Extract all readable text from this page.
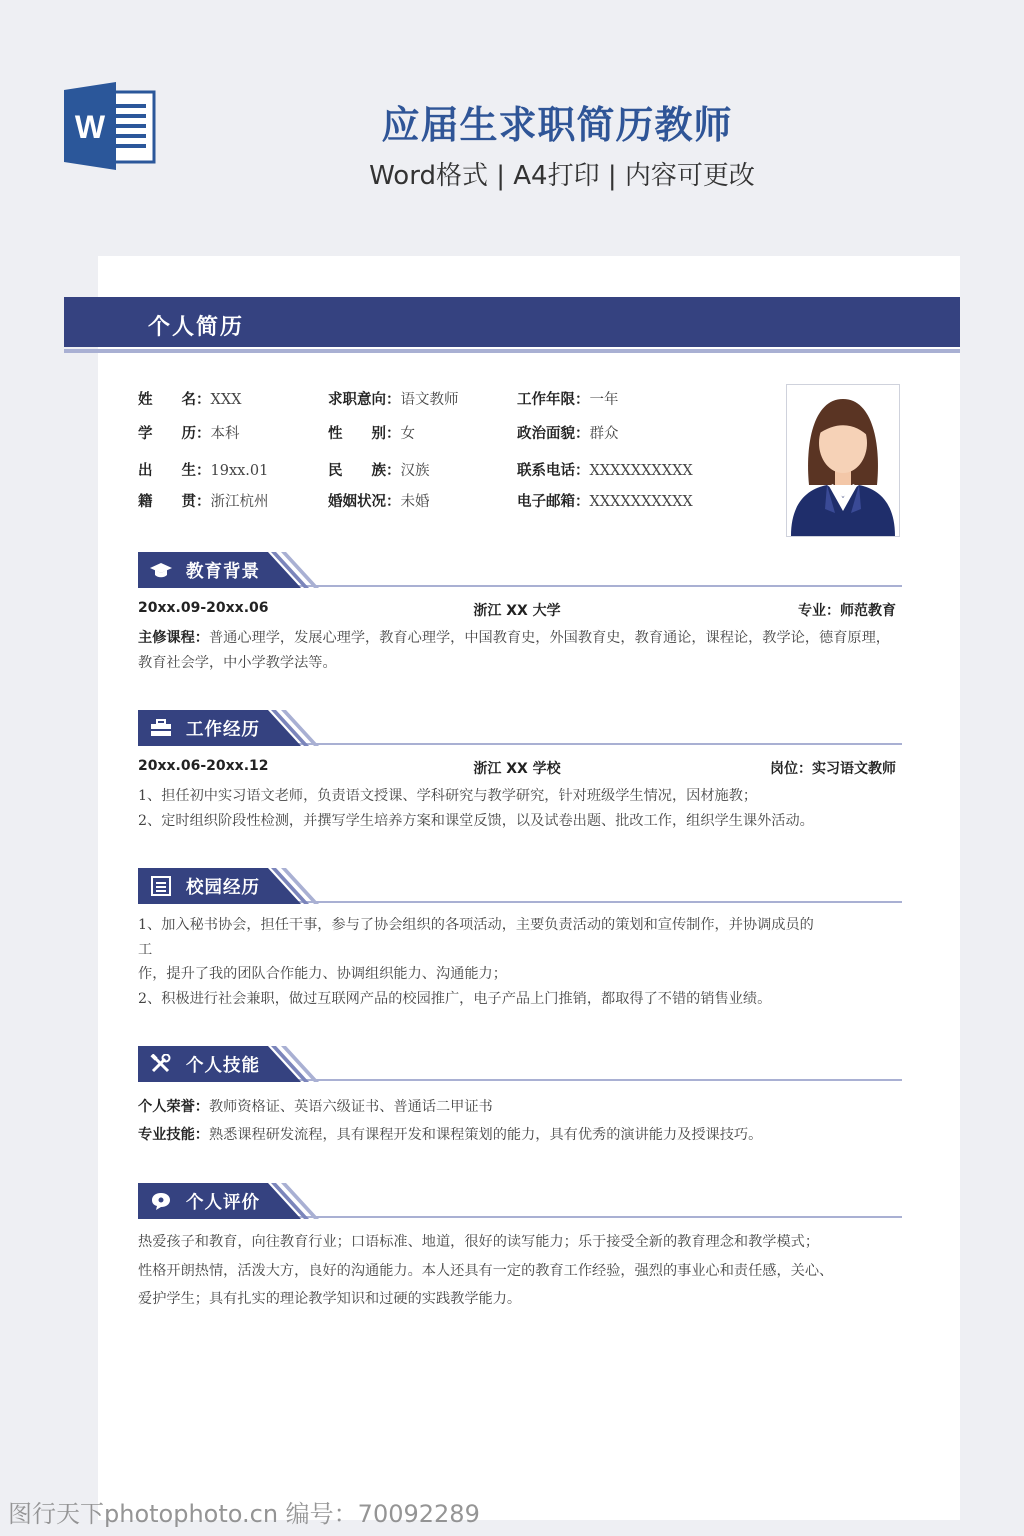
W	应届生求职简历教师
Word格式 | A4打印 | 内容可更改
个人简历
姓　　名：XXX	求职意向：语文教师	工作年限：一年
学　　历：本科	性　　别：女	政治面貌：群众
出　　生：19xx.01	民　　族：汉族	联系电话：XXXXXXXXXX
籍　　贯：浙江杭州	婚姻状况：未婚	电子邮箱：XXXXXXXXXX
教育背景
20xx.09-20xx.06	浙江 XX 大学	专业：师范教育
主修课程：普通心理学，发展心理学，教育心理学，中国教育史，外国教育史，教育通论，课程论，教学论，德育原理，教育社会学，中小学教学法等。
工作经历
20xx.06-20xx.12	浙江 XX 学校	岗位：实习语文教师
1、担任初中实习语文老师，负责语文授课、学科研究与教学研究，针对班级学生情况，因材施教；
2、定时组织阶段性检测，并撰写学生培养方案和课堂反馈，以及试卷出题、批改工作，组织学生课外活动。
校园经历
1、加入秘书协会，担任干事，参与了协会组织的各项活动，主要负责活动的策划和宣传制作，并协调成员的
工
作，提升了我的团队合作能力、协调组织能力、沟通能力；
2、积极进行社会兼职，做过互联网产品的校园推广，电子产品上门推销，都取得了不错的销售业绩。
个人技能
个人荣誉：教师资格证、英语六级证书、普通话二甲证书
专业技能：熟悉课程研发流程，具有课程开发和课程策划的能力，具有优秀的演讲能力及授课技巧。
个人评价
热爱孩子和教育，向往教育行业；口语标准、地道，很好的读写能力；乐于接受全新的教育理念和教学模式；
性格开朗热情，活泼大方，良好的沟通能力。本人还具有一定的教育工作经验，强烈的事业心和责任感，关心、
爱护学生；具有扎实的理论教学知识和过硬的实践教学能力。
图行天下photophoto.cn 编号：70092289
